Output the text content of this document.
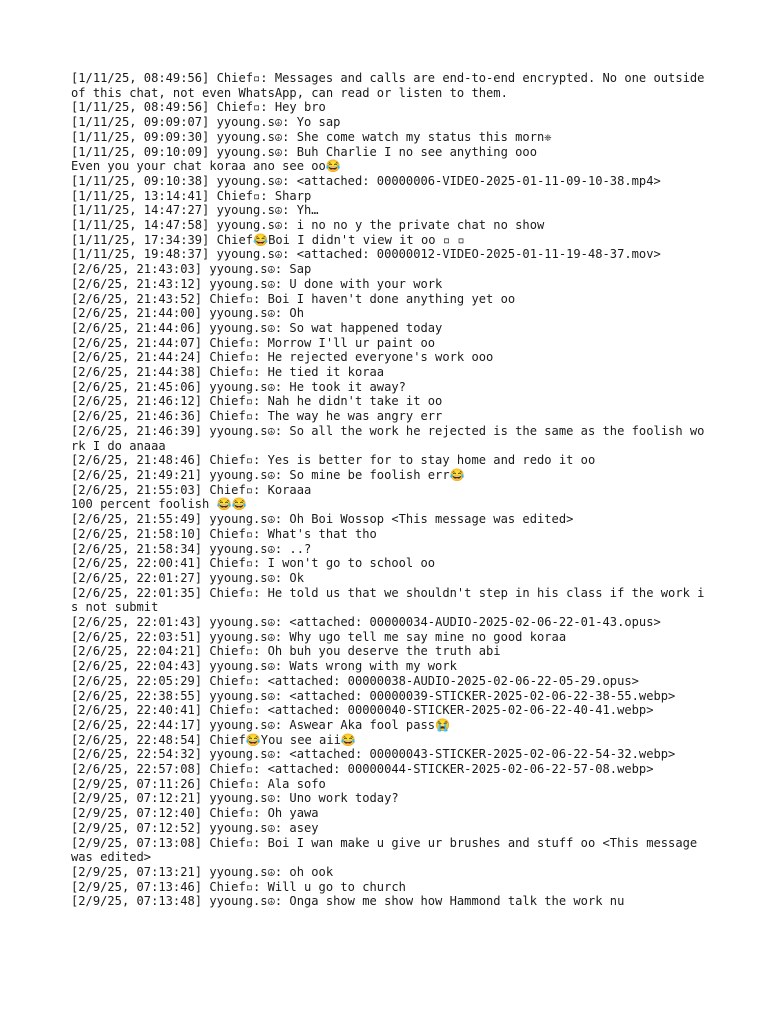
[1/11/25, 08:49:56] Chief▫: Messages and calls are end-to-end encrypted. No one outside of this chat, not even WhatsApp, can read or listen to them.
[1/11/25, 08:49:56] Chief▫: Hey bro
[1/11/25, 09:09:07] yyoung.s☮: Yo sap
[1/11/25, 09:09:30] yyoung.s☮: She come watch my status this morn❈
[1/11/25, 09:10:09] yyoung.s☮: Buh Charlie I no see anything ooo
Even you your chat koraa ano see oo😂
[1/11/25, 09:10:38] yyoung.s☮: <attached: 00000006-VIDEO-2025-01-11-09-10-38.mp4>
[1/11/25, 13:14:41] Chief▫: Sharp
[1/11/25, 14:47:27] yyoung.s☮: Yh…
[1/11/25, 14:47:58] yyoung.s☮: i no no y the private chat no show
[1/11/25, 17:34:39] Chief😂Boi I didn't view it oo ▫ ▫
[1/11/25, 19:48:37] yyoung.s☮: <attached: 00000012-VIDEO-2025-01-11-19-48-37.mov>
[2/6/25, 21:43:03] yyoung.s☮: Sap
[2/6/25, 21:43:12] yyoung.s☮: U done with your work
[2/6/25, 21:43:52] Chief▫: Boi I haven't done anything yet oo
[2/6/25, 21:44:00] yyoung.s☮: Oh
[2/6/25, 21:44:06] yyoung.s☮: So wat happened today
[2/6/25, 21:44:07] Chief▫: Morrow I'll ur paint oo
[2/6/25, 21:44:24] Chief▫: He rejected everyone's work ooo
[2/6/25, 21:44:38] Chief▫: He tied it koraa
[2/6/25, 21:45:06] yyoung.s☮: He took it away?
[2/6/25, 21:46:12] Chief▫: Nah he didn't take it oo
[2/6/25, 21:46:36] Chief▫: The way he was angry err
[2/6/25, 21:46:39] yyoung.s☮: So all the work he rejected is the same as the foolish work I do anaaa
[2/6/25, 21:48:46] Chief▫: Yes is better for to stay home and redo it oo
[2/6/25, 21:49:21] yyoung.s☮: So mine be foolish err😂
[2/6/25, 21:55:03] Chief▫: Koraaa
100 percent foolish 😂😂
[2/6/25, 21:55:49] yyoung.s☮: Oh Boi Wossop <This message was edited>
[2/6/25, 21:58:10] Chief▫: What's that tho
[2/6/25, 21:58:34] yyoung.s☮: ..?
[2/6/25, 22:00:41] Chief▫: I won't go to school oo
[2/6/25, 22:01:27] yyoung.s☮: Ok
[2/6/25, 22:01:35] Chief▫: He told us that we shouldn't step in his class if the work is not submit
[2/6/25, 22:01:43] yyoung.s☮: <attached: 00000034-AUDIO-2025-02-06-22-01-43.opus>
[2/6/25, 22:03:51] yyoung.s☮: Why ugo tell me say mine no good koraa
[2/6/25, 22:04:21] Chief▫: Oh buh you deserve the truth abi
[2/6/25, 22:04:43] yyoung.s☮: Wats wrong with my work
[2/6/25, 22:05:29] Chief▫: <attached: 00000038-AUDIO-2025-02-06-22-05-29.opus>
[2/6/25, 22:38:55] yyoung.s☮: <attached: 00000039-STICKER-2025-02-06-22-38-55.webp>
[2/6/25, 22:40:41] Chief▫: <attached: 00000040-STICKER-2025-02-06-22-40-41.webp>
[2/6/25, 22:44:17] yyoung.s☮: Aswear Aka fool pass😭
[2/6/25, 22:48:54] Chief😂You see aii😂
[2/6/25, 22:54:32] yyoung.s☮: <attached: 00000043-STICKER-2025-02-06-22-54-32.webp>
[2/6/25, 22:57:08] Chief▫: <attached: 00000044-STICKER-2025-02-06-22-57-08.webp>
[2/9/25, 07:11:26] Chief▫: Ala sofo
[2/9/25, 07:12:21] yyoung.s☮: Uno work today?
[2/9/25, 07:12:40] Chief▫: Oh yawa
[2/9/25, 07:12:52] yyoung.s☮: asey
[2/9/25, 07:13:08] Chief▫: Boi I wan make u give ur brushes and stuff oo <This message was edited>
[2/9/25, 07:13:21] yyoung.s☮: oh ook
[2/9/25, 07:13:46] Chief▫: Will u go to church
[2/9/25, 07:13:48] yyoung.s☮: Onga show me show how Hammond talk the work nu
